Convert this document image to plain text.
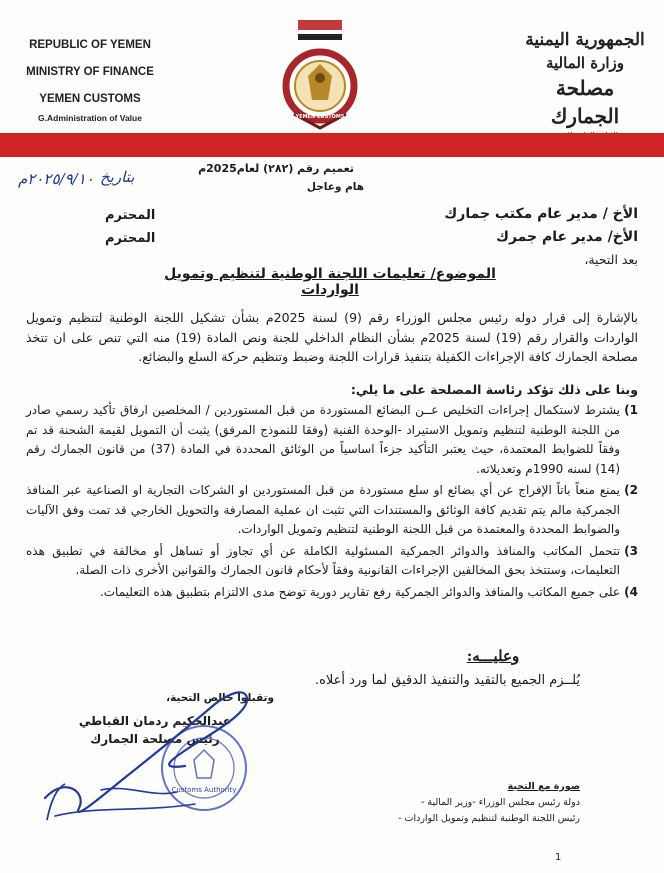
REPUBLIC OF YEMEN
MINISTRY OF FINANCE
YEMEN CUSTOMS
G.Administration of Value	YEMEN CUSTOMS
الجمهورية اليمنية
وزارة المالية
مصلحة الجمارك
تعميم رقم (٢٨٢) لعام2025م
هام وعاجل
بتاريخ
٢٠٢٥/٩/١٠م
الأخ / مدير عام مكتب جمارك
المحترم
الأخ/ مدير عام جمرك
المحترم
بعد التحية،
الموضوع/ تعليمات اللجنة الوطنية لتنظيم وتمويل الواردات
بالإشارة إلى قرار دوله رئيس مجلس الوزراء رقم (9) لسنة 2025م بشأن تشكيل اللجنة الوطنية لتنظيم وتمويل الواردات والقرار رقم (19) لسنة 2025م بشأن النظام الداخلي للجنة ونص المادة (19) منه التي تنص على ان تتخذ مصلحة الجمارك كافة الإجراءات الكفيلة بتنفيذ قرارات اللجنة وضبط وتنظيم حركة السلع والبضائع.
وبنا على ذلك تؤكد رئاسة المصلحة على ما يلي:
1)
يشترط لاستكمال إجراءات التخليص عــن البضائع المستوردة من قبل المستوردين / المخلصين ارفاق تأكيد رسمي صادر من اللجنة الوطنية لتنظيم وتمويل الاستيراد -الوحدة الفنية (وفقا للنموذج المرفق) يثبت أن التمويل لقيمة الشحنة قد تم وفقاً للضوابط المعتمدة، حيث يعتبر التأكيد جزءاً اساسياً من الوثائق المحددة في المادة (37) من قانون الجمارك رقم (14) لسنه 1990م وتعديلاته.
2)
يمنع منعاً باتاً الإفراج عن أي بضائع او سلع مستوردة من قبل المستوردين او الشركات التجارية او الصناعية عبر المنافذ الجمركية مالم يتم تقديم كافة الوثائق والمستندات التي تثبت ان عملية المصارفة والتحويل الخارجي قد تمت وفق الآليات والضوابط المحددة والمعتمدة من قبل اللجنة الوطنية لتنظيم وتمويل الواردات.
3)
تتحمل المكاتب والمنافذ والدوائر الجمركية المسئولية الكاملة عن أي تجاوز أو تساهل أو مخالفة في تطبيق هذه التعليمات، وستتخذ بحق المخالفين الإجراءات القانونية وفقاً لأحكام قانون الجمارك والقوانين الأخرى ذات الصلة.
4)
على جميع المكاتب والمنافذ والدوائر الجمركية رفع تقارير دورية توضح مدى الالتزام بتطبيق هذه التعليمات.
وعليـــه:
يُلــزم الجميع بالتقيد والتنفيذ الدقيق لما ورد أعلاه.
وتقبلوا خالص التحية،
عبدالحكيم ردمان القباطي
رئيس مصلحة الجمارك
Customs Authority	صورة مع التحية
دولة رئيس مجلس الوزراء -وزير المالية -
رئيس اللجنة الوطنية لتنظيم وتمويل الواردات -
1
